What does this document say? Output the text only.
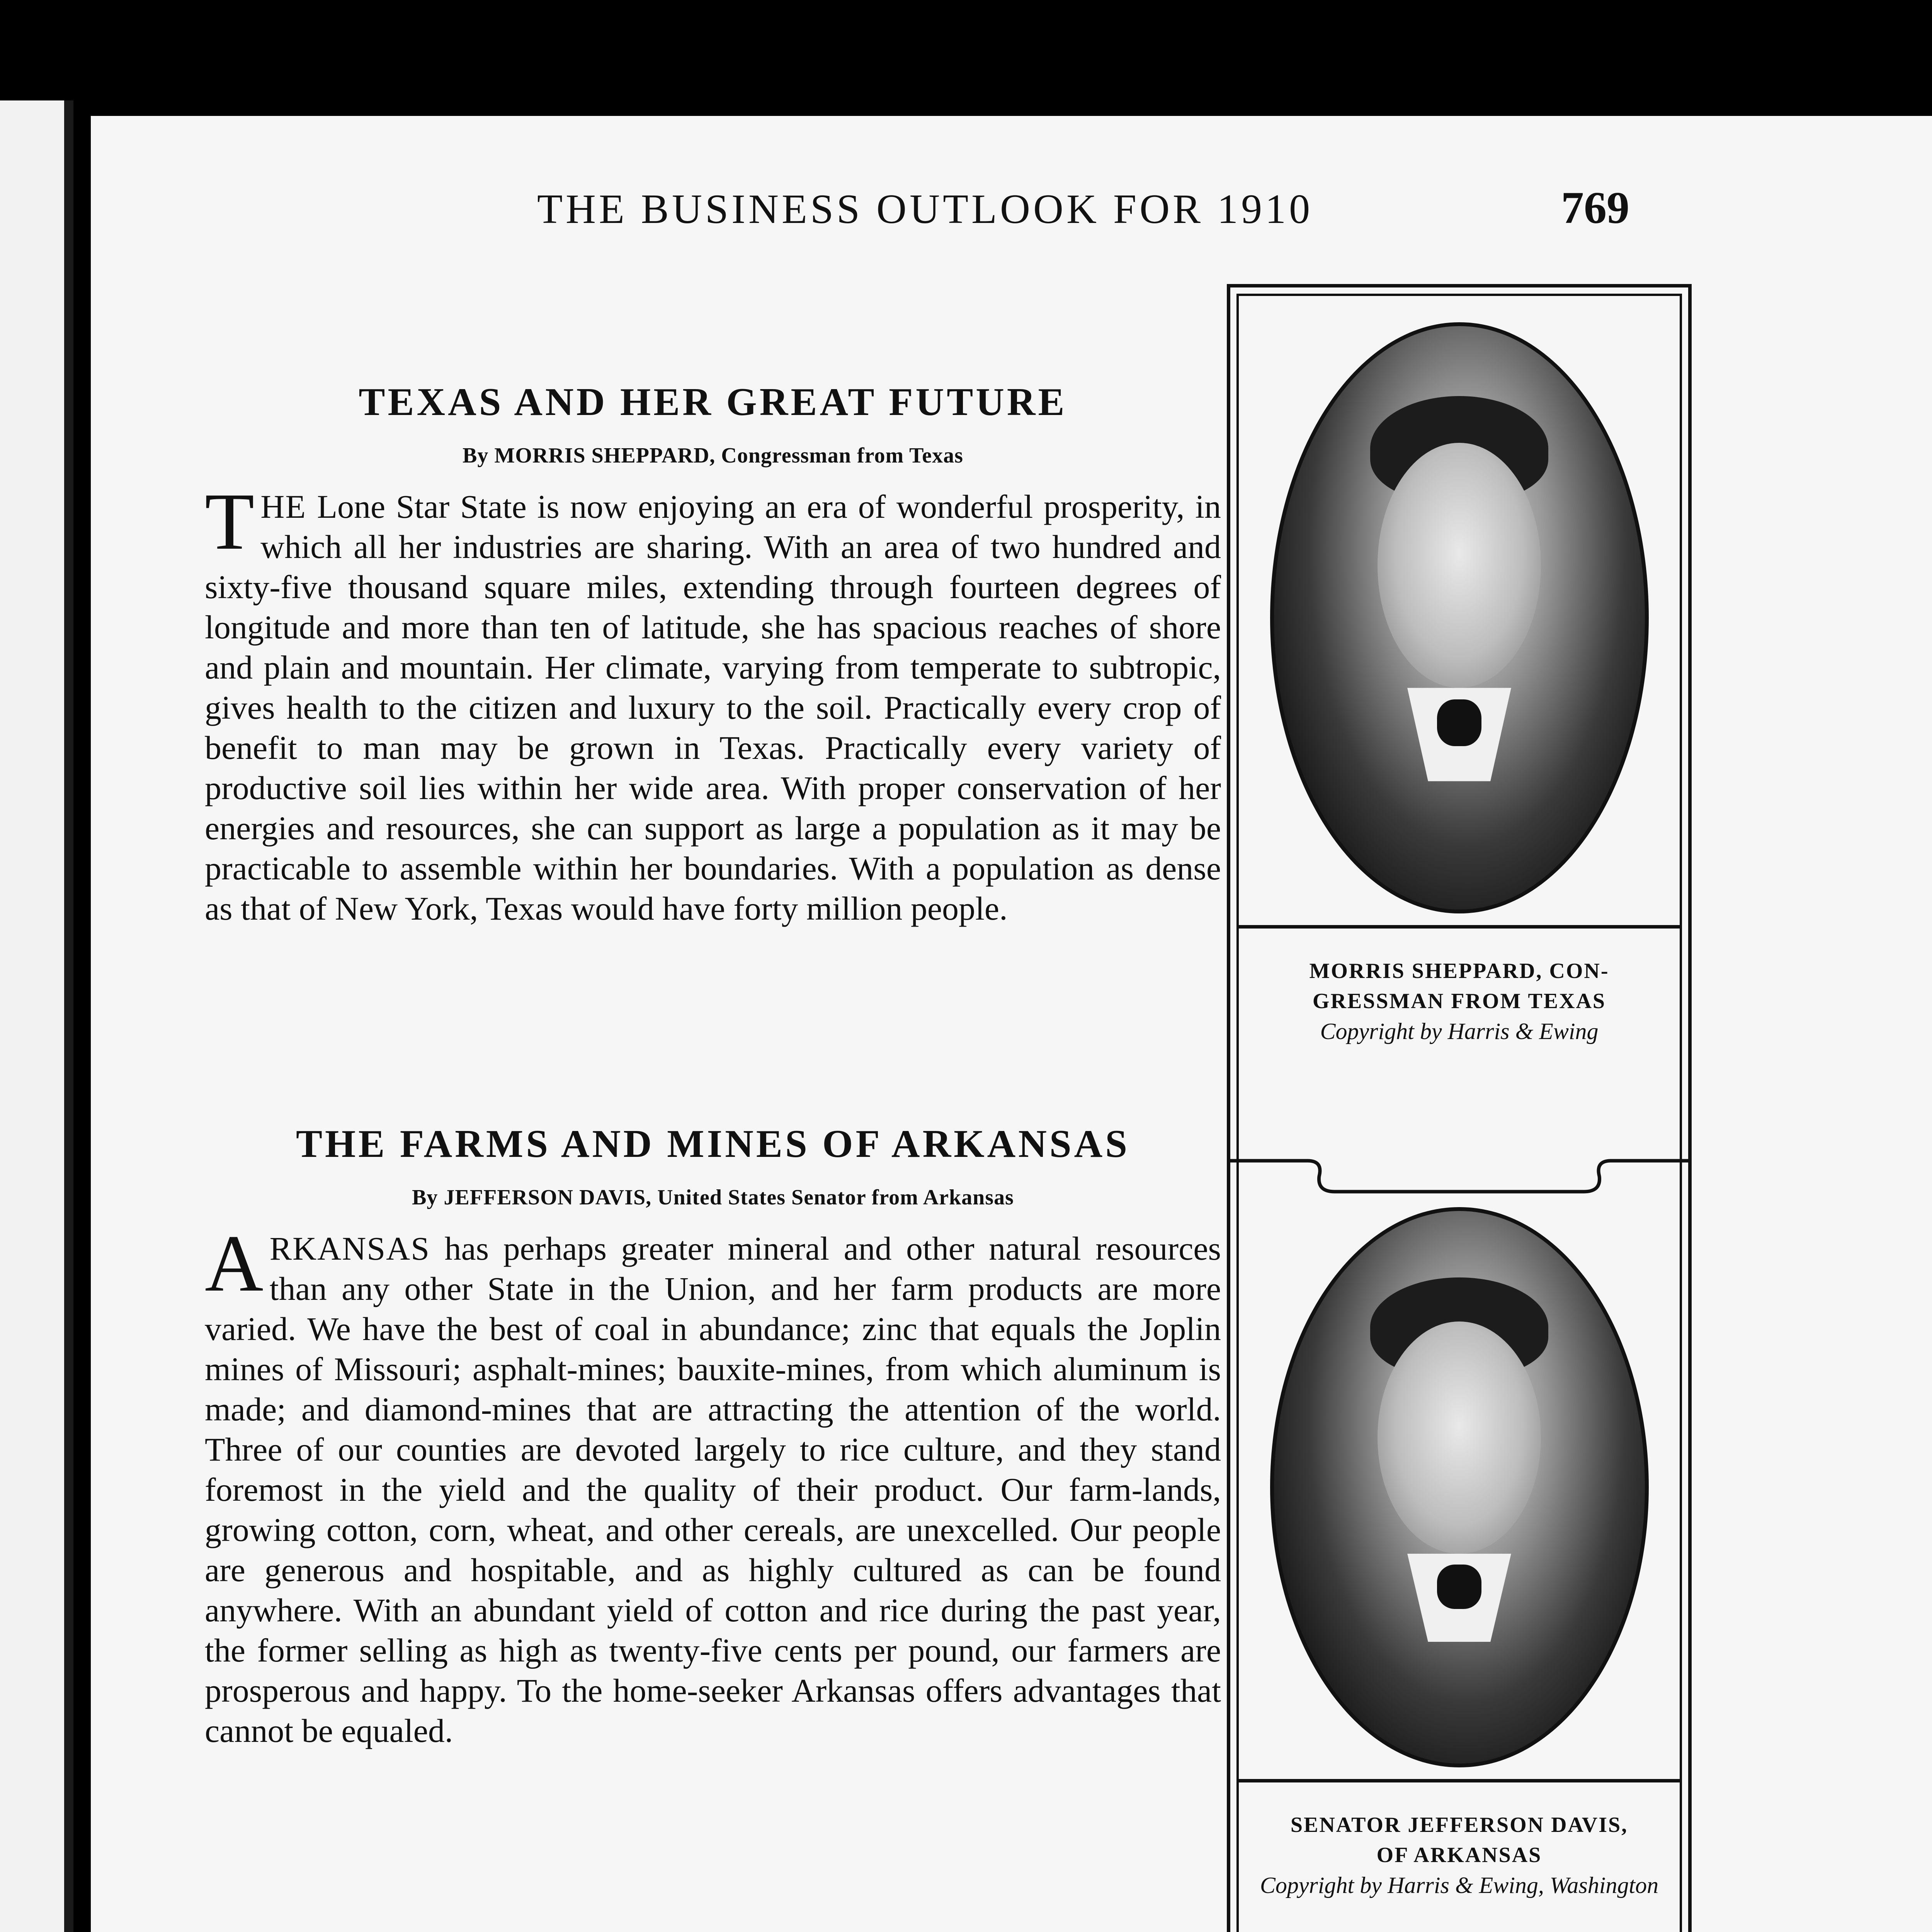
THE BUSINESS OUTLOOK FOR 1910	769
TEXAS AND HER GREAT FUTURE
By MORRIS SHEPPARD, Congressman from Texas
THE Lone Star State is now enjoying an era of wonderful prosperity, in which all her industries are sharing. With an area of two hundred and sixty-five thousand square miles, extending through fourteen degrees of longitude and more than ten of latitude, she has spacious reaches of shore and plain and mountain. Her climate, varying from temperate to subtropic, gives health to the citizen and luxury to the soil. Practically every crop of benefit to man may be grown in Texas. Practically every variety of productive soil lies within her wide area. With proper conservation of her energies and resources, she can support as large a population as it may be practicable to assemble within her boundaries. With a population as dense as that of New York, Texas would have forty million people.
THE FARMS AND MINES OF ARKANSAS
By JEFFERSON DAVIS, United States Senator from Arkansas
ARKANSAS has perhaps greater mineral and other natural resources than any other State in the Union, and her farm products are more varied. We have the best of coal in abundance; zinc that equals the Joplin mines of Missouri; asphalt-mines; bauxite-mines, from which aluminum is made; and diamond-mines that are attracting the attention of the world. Three of our counties are devoted largely to rice culture, and they stand foremost in the yield and the quality of their product. Our farm-lands, growing cotton, corn, wheat, and other cereals, are unexcelled. Our people are generous and hospitable, and as highly cultured as can be found anywhere. With an abundant yield of cotton and rice during the past year, the former selling as high as twenty-five cents per pound, our farmers are prosperous and happy. To the home-seeker Arkansas offers advantages that cannot be equaled.
MORRIS SHEPPARD, CON-
GRESSMAN FROM TEXAS
Copyright by Harris & Ewing
SENATOR JEFFERSON DAVIS,
OF ARKANSAS
Copyright by Harris & Ewing, Washington
